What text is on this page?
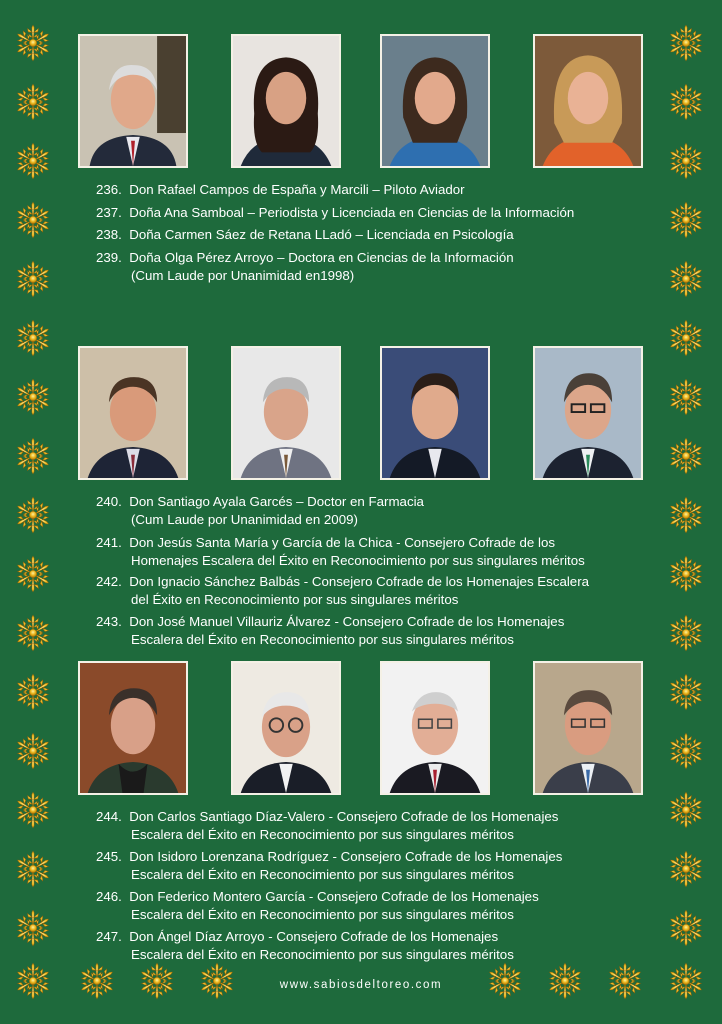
236. Don Rafael Campos de España y Marcili – Piloto Aviador
237. Doña Ana Samboal – Periodista y Licenciada en Ciencias de la Información
238. Doña Carmen Sáez de Retana LLadó – Licenciada en Psicología
239. Doña Olga Pérez Arroyo – Doctora en Ciencias de la Información
(Cum Laude por Unanimidad en1998)
240. Don Santiago Ayala Garcés – Doctor en Farmacia
(Cum Laude por Unanimidad en 2009)
241. Don Jesús Santa María y García de la Chica - Consejero Cofrade de los
Homenajes Escalera del Éxito en Reconocimiento por sus singulares méritos
242. Don Ignacio Sánchez Balbás - Consejero Cofrade de los Homenajes Escalera
del Éxito en Reconocimiento por sus singulares méritos
243. Don José Manuel Villauriz Álvarez - Consejero Cofrade de los Homenajes
Escalera del Éxito en Reconocimiento por sus singulares méritos
244. Don Carlos Santiago Díaz-Valero - Consejero Cofrade de los Homenajes
Escalera del Éxito en Reconocimiento por sus singulares méritos
245. Don Isidoro Lorenzana Rodríguez - Consejero Cofrade de los Homenajes
Escalera del Éxito en Reconocimiento por sus singulares méritos
246. Don Federico Montero García - Consejero Cofrade de los Homenajes
Escalera del Éxito en Reconocimiento por sus singulares méritos
247. Don Ángel Díaz Arroyo - Consejero Cofrade de los Homenajes
Escalera del Éxito en Reconocimiento por sus singulares méritos
www.sabiosdeltoreo.com
